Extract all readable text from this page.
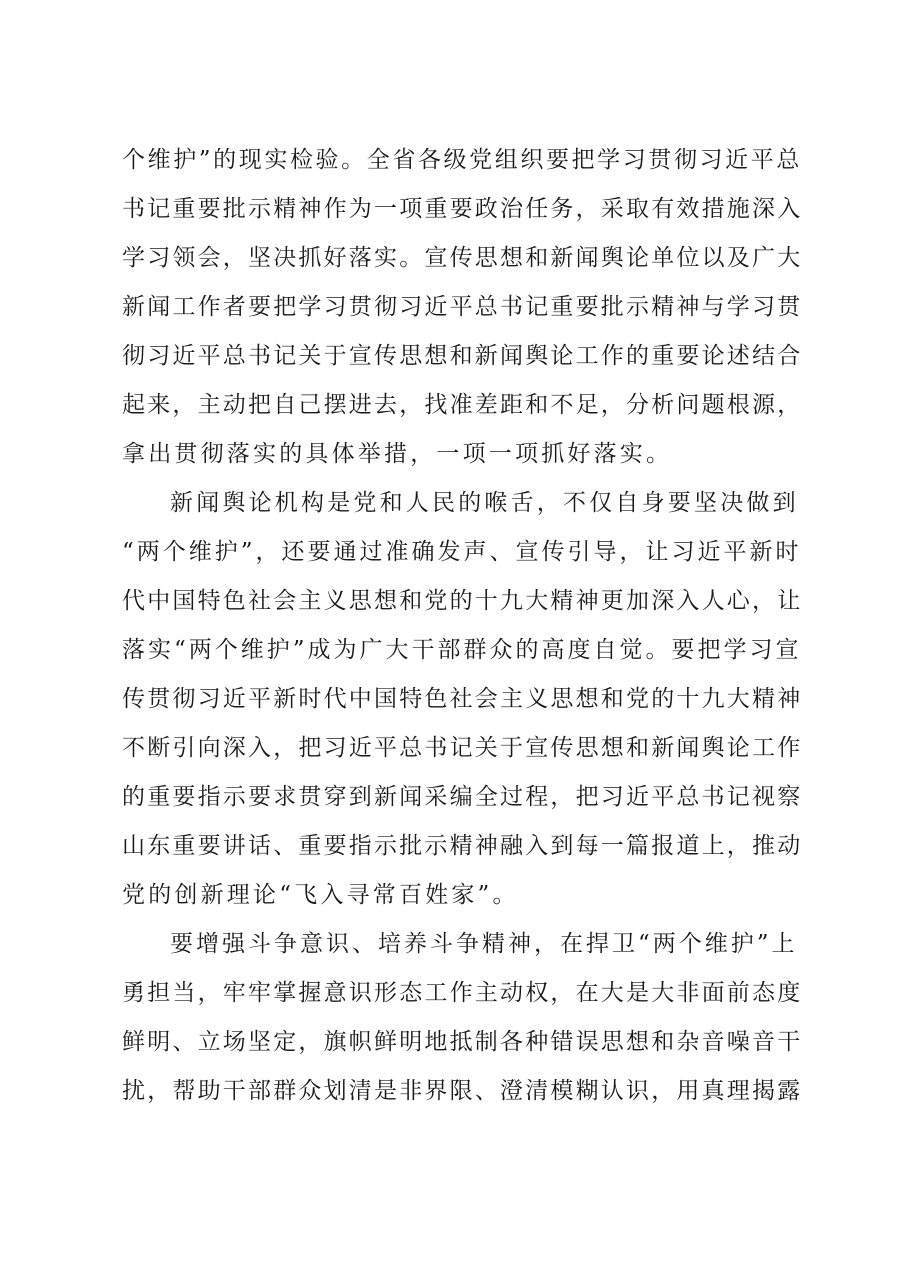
个维护”的现实检验。全省各级党组织要把学习贯彻习近平总
书记重要批示精神作为一项重要政治任务，采取有效措施深入
学习领会，坚决抓好落实。宣传思想和新闻舆论单位以及广大
新闻工作者要把学习贯彻习近平总书记重要批示精神与学习贯
彻习近平总书记关于宣传思想和新闻舆论工作的重要论述结合
起来，主动把自己摆进去，找准差距和不足，分析问题根源，
拿出贯彻落实的具体举措，一项一项抓好落实。
新闻舆论机构是党和人民的喉舌，不仅自身要坚决做到
“两个维护”，还要通过准确发声、宣传引导，让习近平新时
代中国特色社会主义思想和党的十九大精神更加深入人心，让
落实“两个维护”成为广大干部群众的高度自觉。要把学习宣
传贯彻习近平新时代中国特色社会主义思想和党的十九大精神
不断引向深入，把习近平总书记关于宣传思想和新闻舆论工作
的重要指示要求贯穿到新闻采编全过程，把习近平总书记视察
山东重要讲话、重要指示批示精神融入到每一篇报道上，推动
党的创新理论“飞入寻常百姓家”。
要增强斗争意识、培养斗争精神，在捍卫“两个维护”上
勇担当，牢牢掌握意识形态工作主动权，在大是大非面前态度
鲜明、立场坚定，旗帜鲜明地抵制各种错误思想和杂音噪音干
扰，帮助干部群众划清是非界限、澄清模糊认识，用真理揭露
